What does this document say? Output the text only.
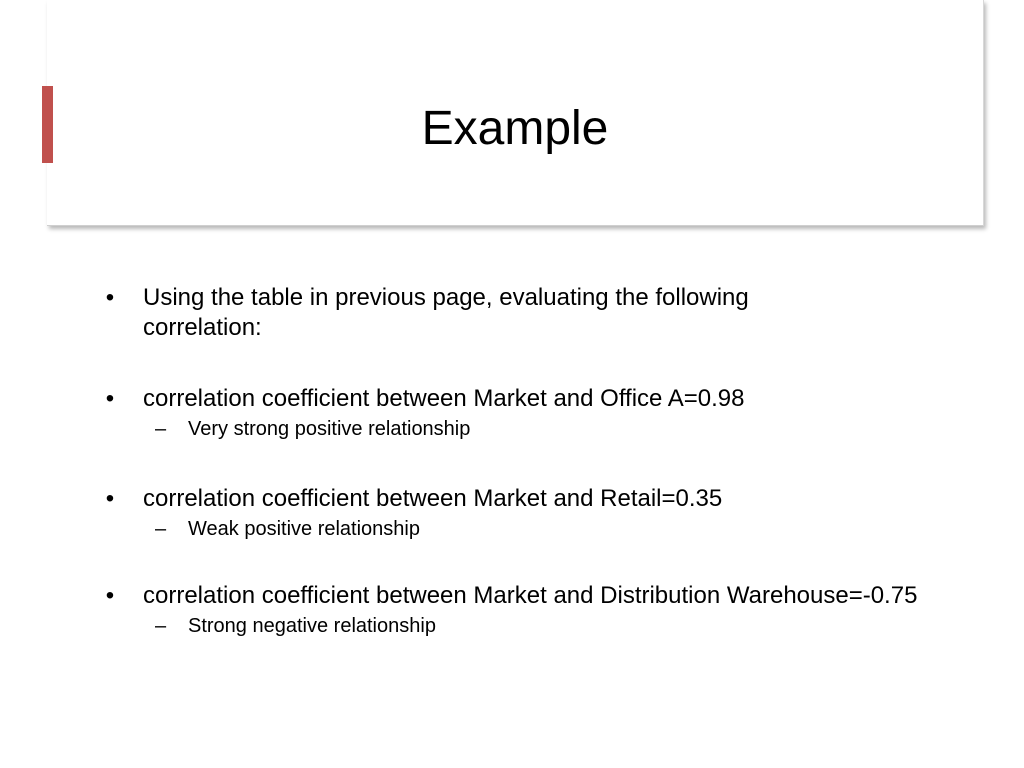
Example
• Using the table in previous page, evaluating the following correlation:
• correlation coefficient between Market and Office A=0.98
– Very strong positive relationship
• correlation coefficient between Market and Retail=0.35
– Weak positive relationship
• correlation coefficient between Market and Distribution Warehouse=-0.75
– Strong negative relationship
